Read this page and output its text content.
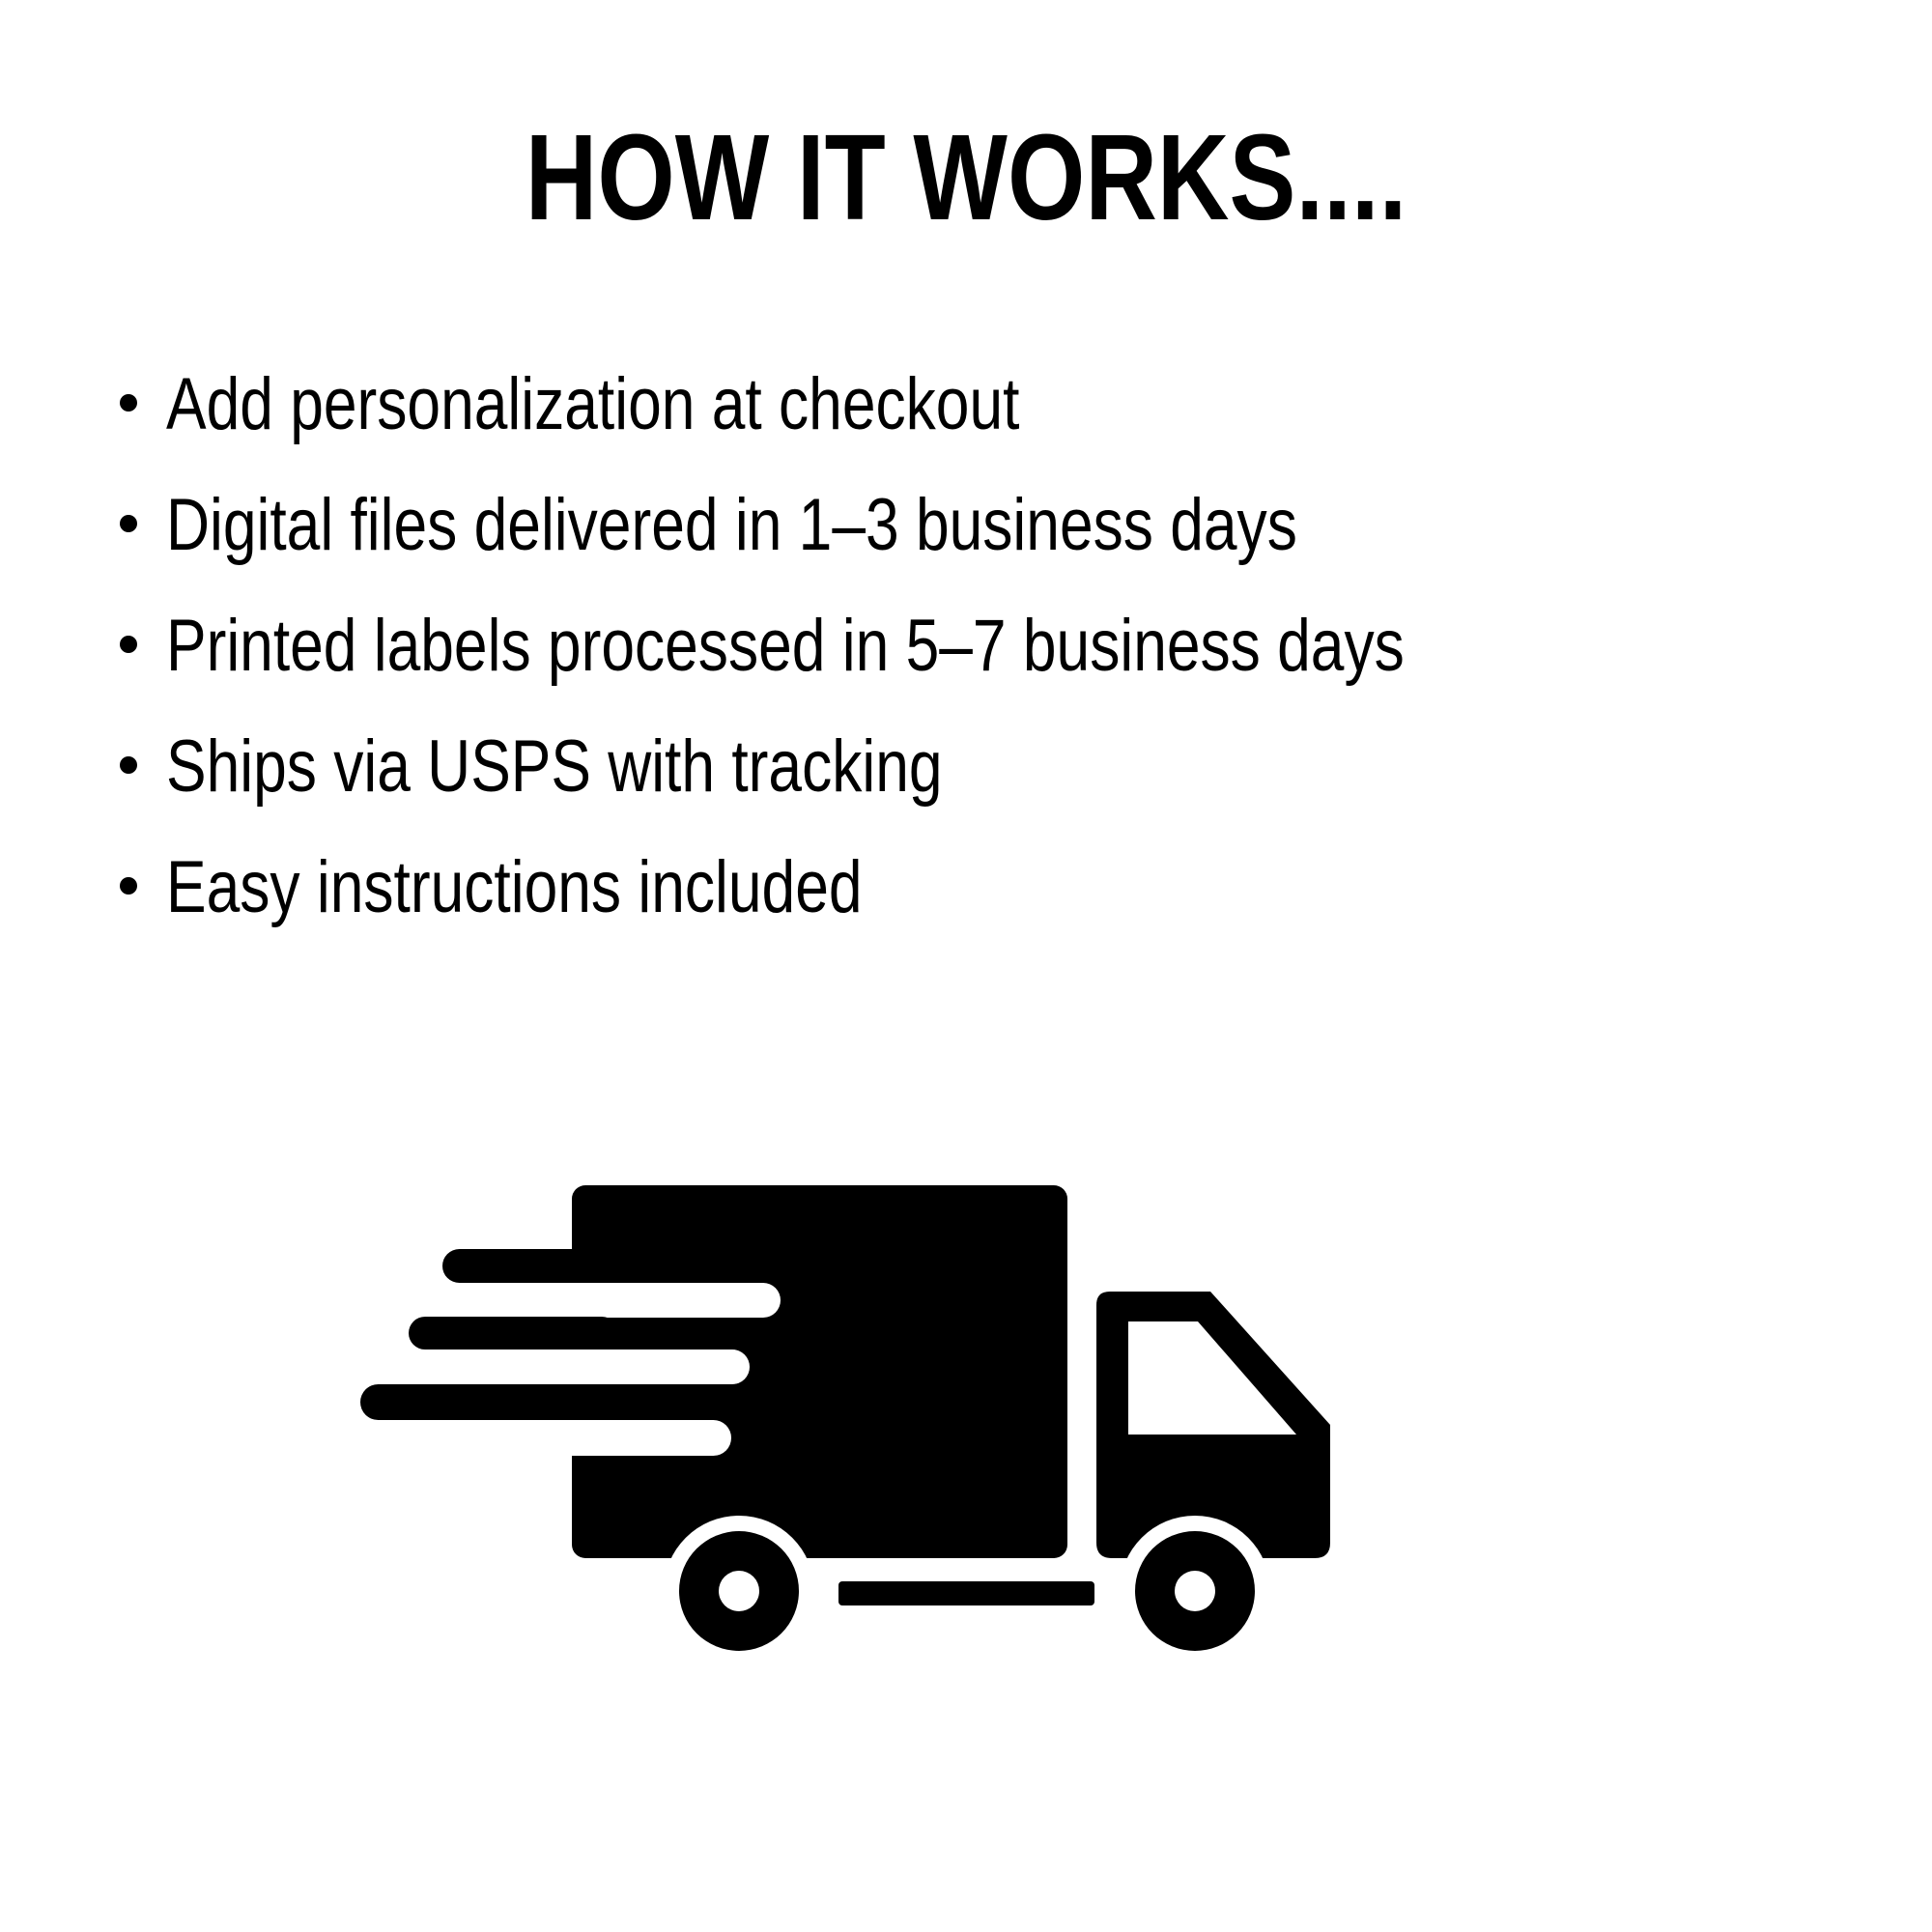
HOW IT WORKS....
Add personalization at checkout
Digital files delivered in 1–3 business days
Printed labels processed in 5–7 business days
Ships via USPS with tracking
Easy instructions included
